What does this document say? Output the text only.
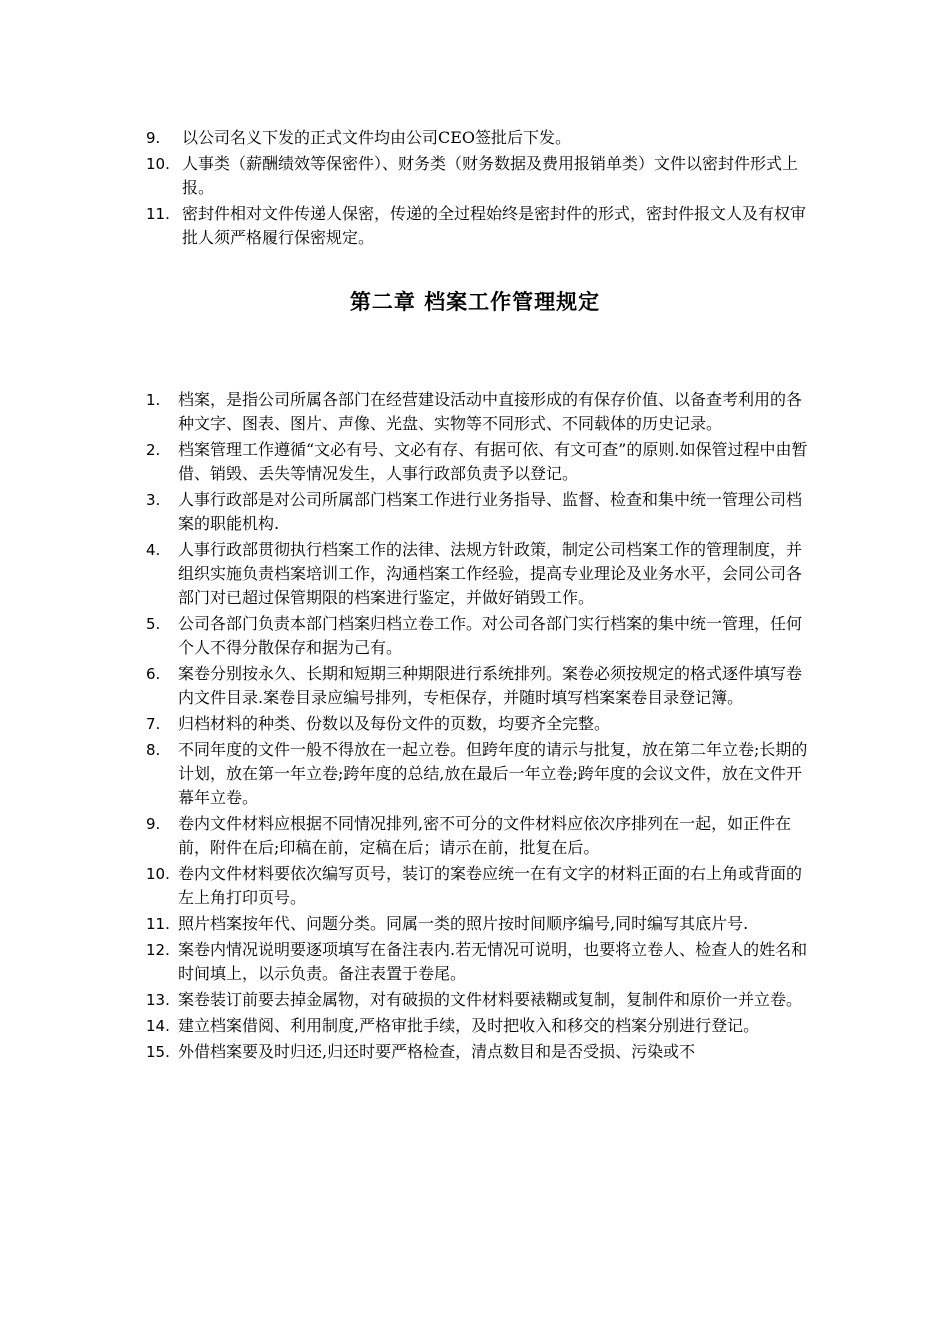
9. 以公司名义下发的正式文件均由公司CEO签批后下发。
10. 人事类（薪酬绩效等保密件）、财务类（财务数据及费用报销单类）文件以密封件形式上报。
11. 密封件相对文件传递人保密，传递的全过程始终是密封件的形式，密封件报文人及有权审批人须严格履行保密规定。
第二章 档案工作管理规定
1. 档案，是指公司所属各部门在经营建设活动中直接形成的有保存价值、以备查考利用的各种文字、图表、图片、声像、光盘、实物等不同形式、不同载体的历史记录。
2. 档案管理工作遵循“文必有号、文必有存、有据可依、有文可查”的原则.如保管过程中由暂借、销毁、丢失等情况发生，人事行政部负责予以登记。
3. 人事行政部是对公司所属部门档案工作进行业务指导、监督、检查和集中统一管理公司档案的职能机构.
4. 人事行政部贯彻执行档案工作的法律、法规方针政策，制定公司档案工作的管理制度，并组织实施负责档案培训工作，沟通档案工作经验，提高专业理论及业务水平，会同公司各部门对已超过保管期限的档案进行鉴定，并做好销毁工作。
5. 公司各部门负责本部门档案归档立卷工作。对公司各部门实行档案的集中统一管理，任何个人不得分散保存和据为己有。
6. 案卷分别按永久、长期和短期三种期限进行系统排列。案卷必须按规定的格式逐件填写卷内文件目录.案卷目录应编号排列，专柜保存，并随时填写档案案卷目录登记簿。
7. 归档材料的种类、份数以及每份文件的页数，均要齐全完整。
8. 不同年度的文件一般不得放在一起立卷。但跨年度的请示与批复，放在第二年立卷;长期的计划，放在第一年立卷;跨年度的总结,放在最后一年立卷;跨年度的会议文件，放在文件开幕年立卷。
9. 卷内文件材料应根据不同情况排列,密不可分的文件材料应依次序排列在一起，如正件在前，附件在后;印稿在前，定稿在后；请示在前，批复在后。
10. 卷内文件材料要依次编写页号，装订的案卷应统一在有文字的材料正面的右上角或背面的左上角打印页号。
11. 照片档案按年代、问题分类。同属一类的照片按时间顺序编号,同时编写其底片号.
12. 案卷内情况说明要逐项填写在备注表内.若无情况可说明，也要将立卷人、检查人的姓名和时间填上，以示负责。备注表置于卷尾。
13. 案卷装订前要去掉金属物，对有破损的文件材料要裱糊或复制，复制件和原价一并立卷。
14. 建立档案借阅、利用制度,严格审批手续，及时把收入和移交的档案分别进行登记。
15. 外借档案要及时归还,归还时要严格检查，清点数目和是否受损、污染或不
